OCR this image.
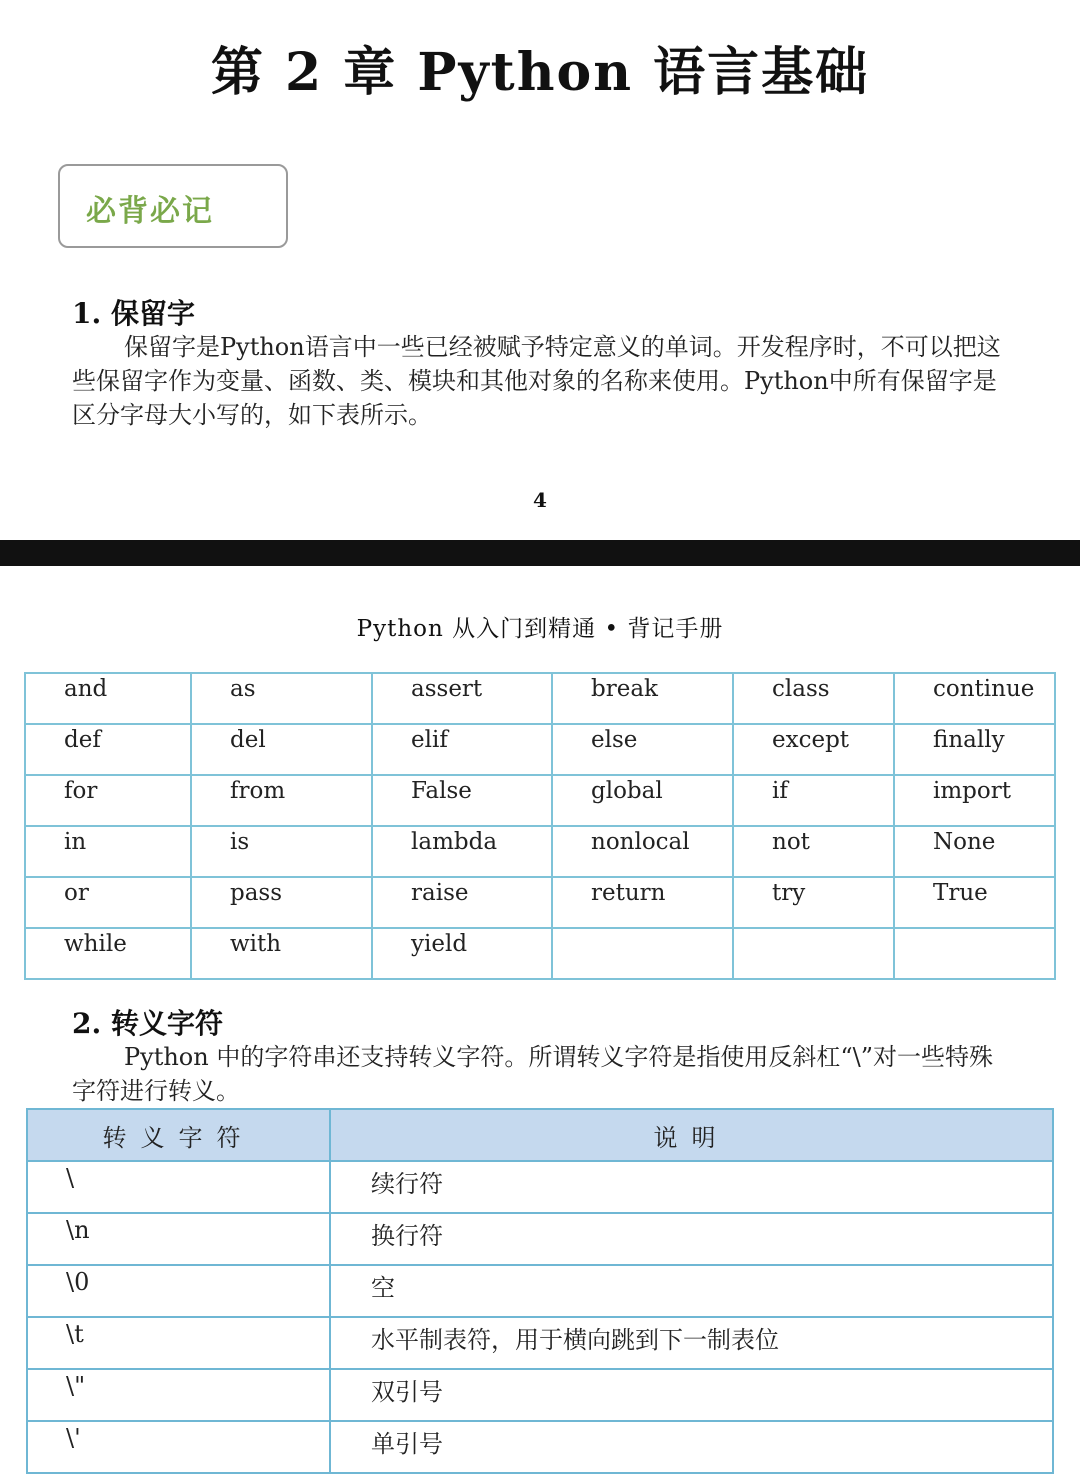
第 2 章 Python 语言基础
必背必记
1. 保留字
保留字是Python语言中一些已经被赋予特定意义的单词。开发程序时，不可以把这些保留字作为变量、函数、类、模块和其他对象的名称来使用。Python中所有保留字是区分字母大小写的，如下表所示。
4
Python 从入门到精通 • 背记手册
and	as	assert	break	class	continue
def	del	elif	else	except	finally
for	from	False	global	if	import
in	is	lambda	nonlocal	not	None
or	pass	raise	return	try	True
while	with	yield			
2. 转义字符
Python 中的字符串还支持转义字符。所谓转义字符是指使用反斜杠“\”对一些特殊字符进行转义。
转义字符	说明
\	续行符
\n	换行符
\0	空
\t	水平制表符，用于横向跳到下一制表位
\"	双引号
\'	单引号
